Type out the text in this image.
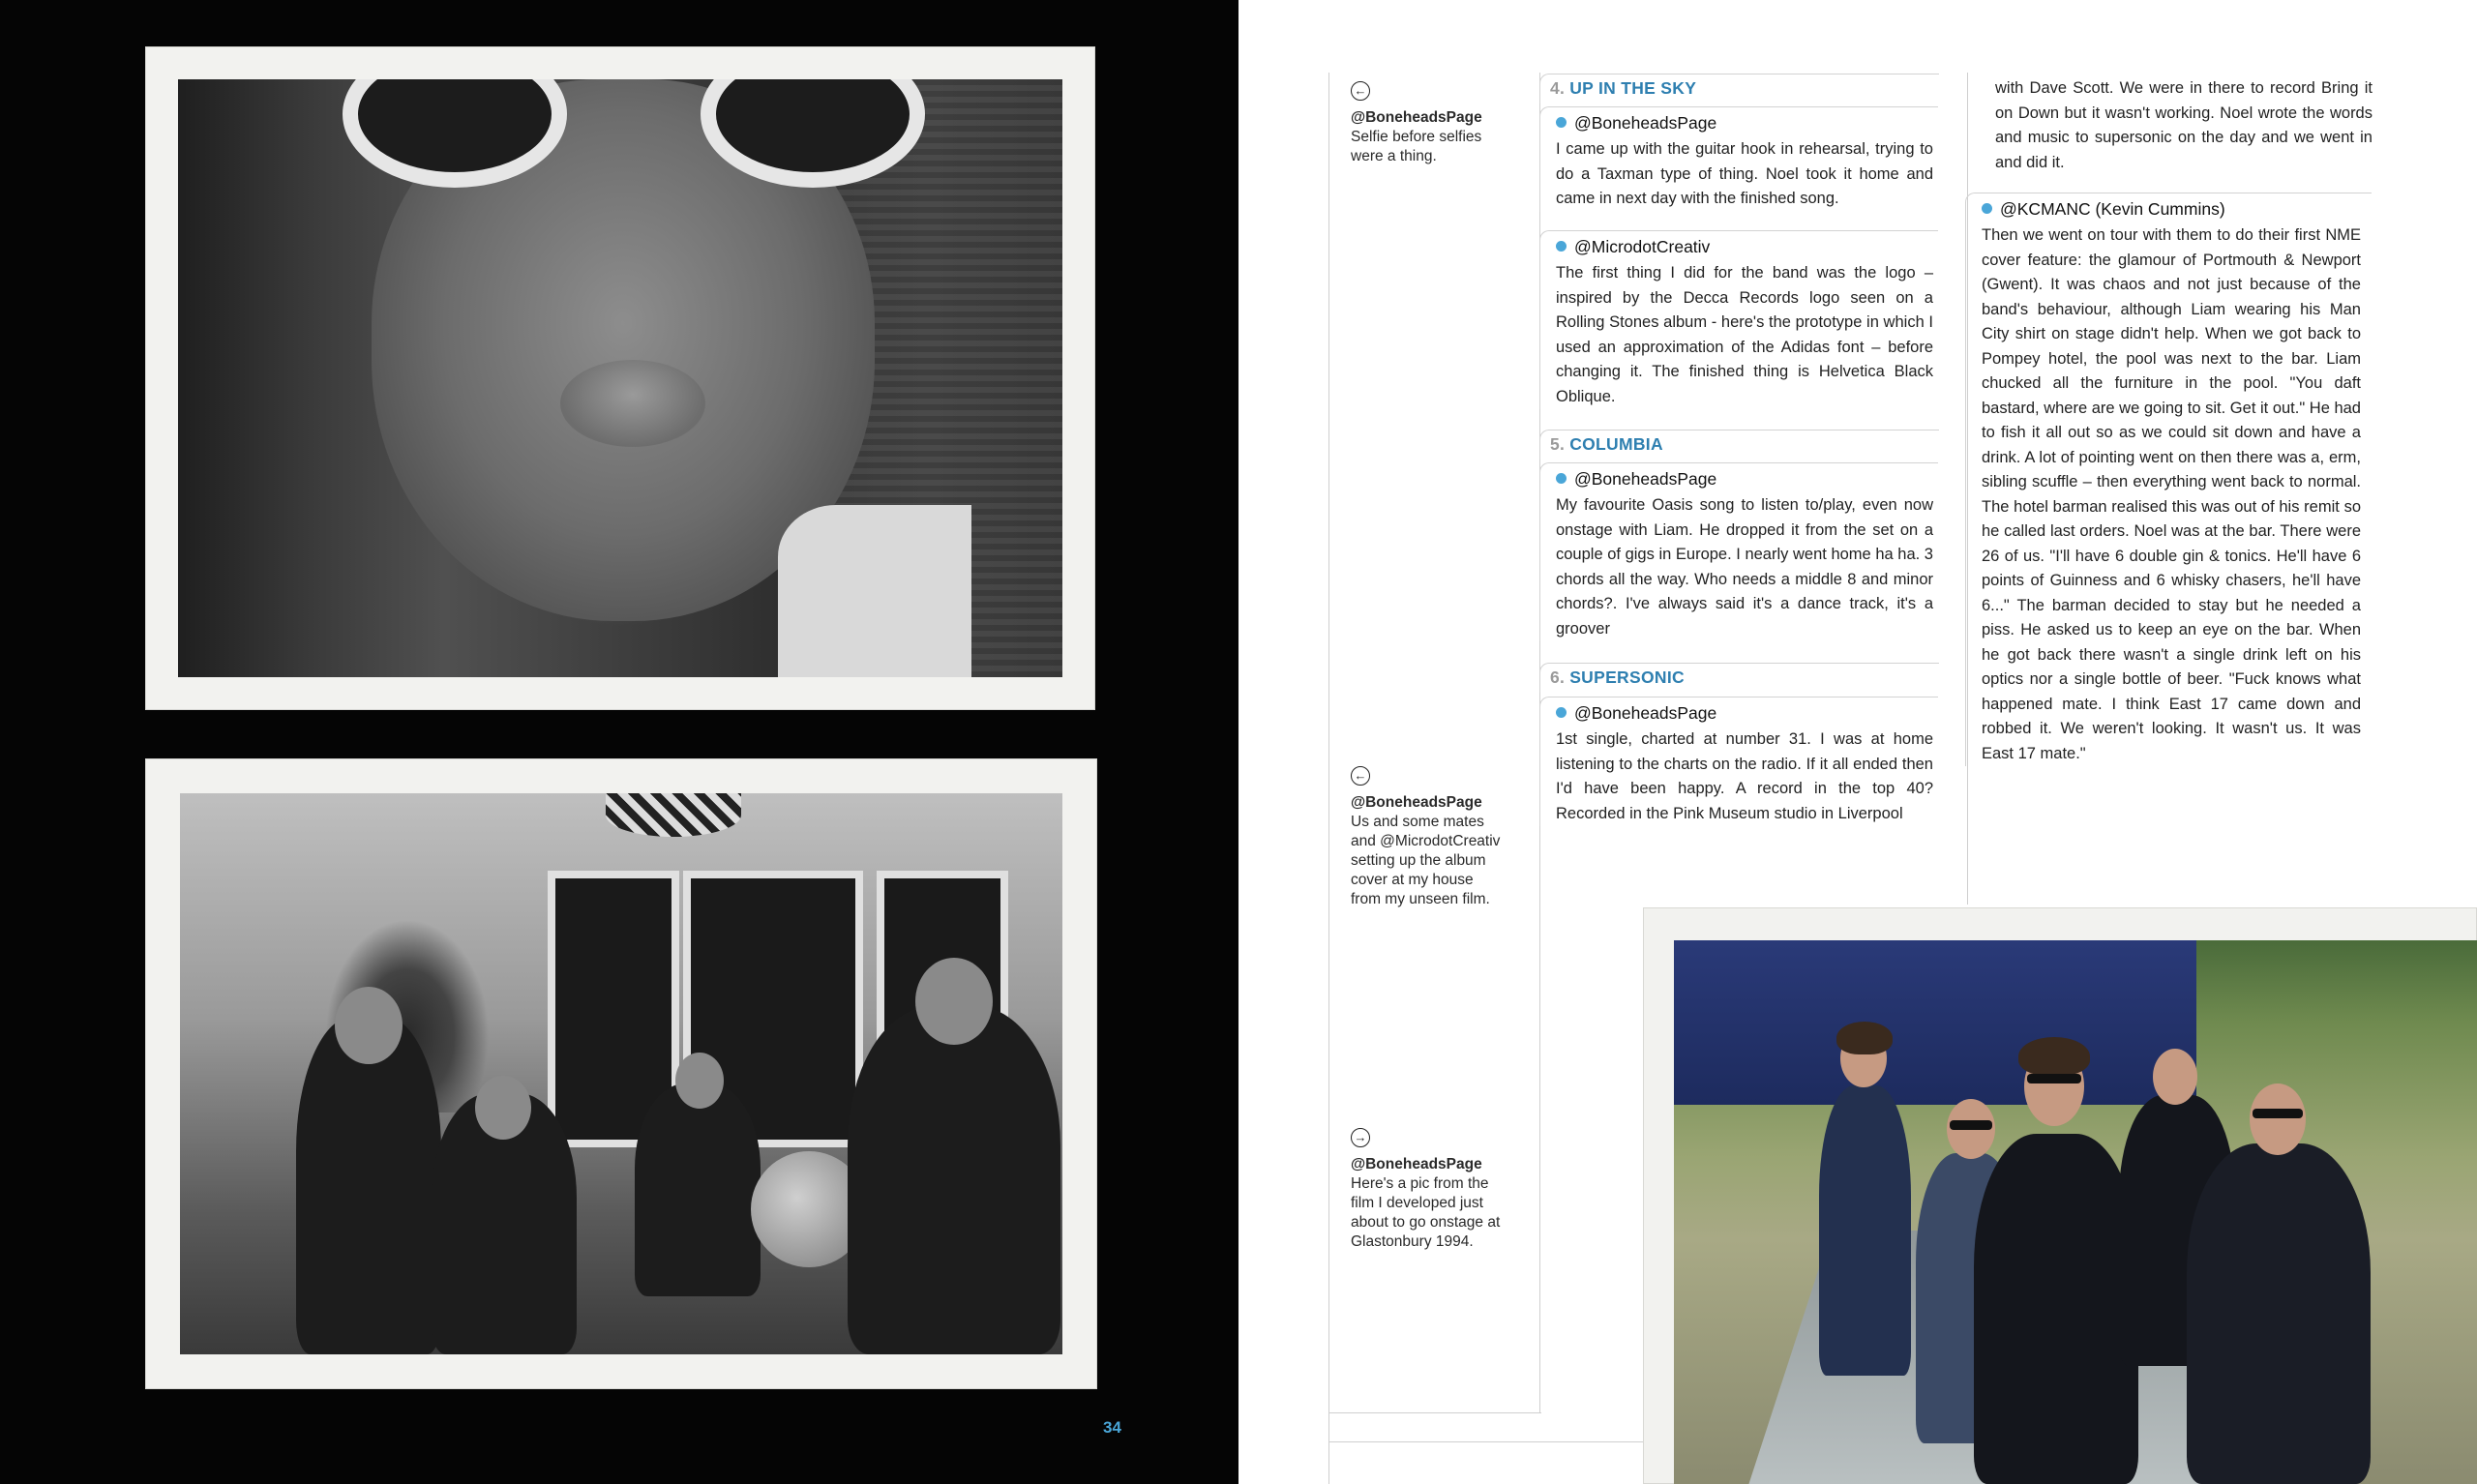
34
←
@BoneheadsPage
Selfie before selfies were a thing.
←
@BoneheadsPage
Us and some mates and @MicrodotCreativ setting up the album cover at my house from my unseen film.
→
@BoneheadsPage
Here's a pic from the film I developed just about to go onstage at Glastonbury 1994.
4. UP IN THE SKY
@BoneheadsPage
I came up with the guitar hook in rehearsal, trying to do a Taxman type of thing. Noel took it home and came in next day with the finished song.
@MicrodotCreativ
The first thing I did for the band was the logo – inspired by the Decca Records logo seen on a Rolling Stones album - here's the prototype in which I used an approximation of the Adidas font – before changing it. The finished thing is Helvetica Black Oblique.
5. COLUMBIA
@BoneheadsPage
My favourite Oasis song to listen to/play, even now onstage with Liam. He dropped it from the set on a couple of gigs in Europe. I nearly went home ha ha. 3 chords all the way. Who needs a middle 8 and minor chords?. I've always said it's a dance track, it's a groover
6. SUPERSONIC
@BoneheadsPage
1st single, charted at number 31. I was at home listening to the charts on the radio. If it all ended then I'd have been happy. A record in the top 40? Recorded in the Pink Museum studio in Liverpool
with Dave Scott. We were in there to record Bring it on Down but it wasn't working. Noel wrote the words and music to supersonic on the day and we went in and did it.
@KCMANC (Kevin Cummins)
Then we went on tour with them to do their first NME cover feature: the glamour of Portmouth & Newport (Gwent). It was chaos and not just because of the band's behaviour, although Liam wearing his Man City shirt on stage didn't help. When we got back to Pompey hotel, the pool was next to the bar. Liam chucked all the furniture in the pool. "You daft bastard, where are we going to sit. Get it out." He had to fish it all out so as we could sit down and have a drink. A lot of pointing went on then there was a, erm, sibling scuffle – then everything went back to normal. The hotel barman realised this was out of his remit so he called last orders. Noel was at the bar. There were 26 of us. "I'll have 6 double gin & tonics. He'll have 6 points of Guinness and 6 whisky chasers, he'll have 6..." The barman decided to stay but he needed a piss. He asked us to keep an eye on the bar. When he got back there wasn't a single drink left on his optics nor a single bottle of beer. "Fuck knows what happened mate. I think East 17 came down and robbed it. We weren't looking. It wasn't us. It was East 17 mate."
